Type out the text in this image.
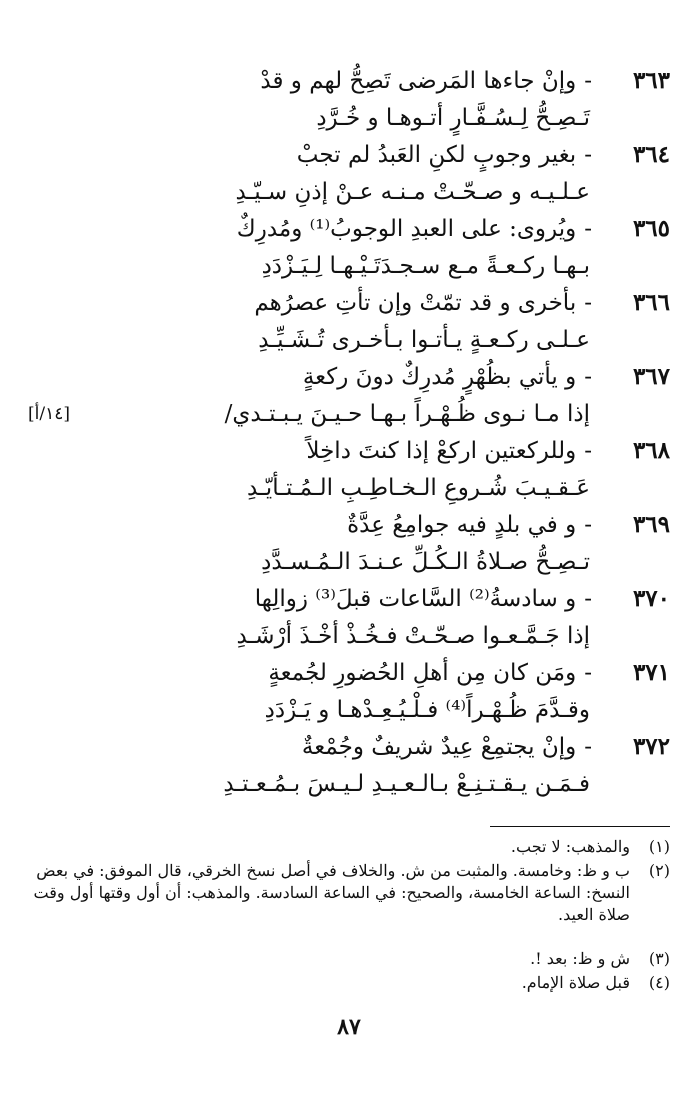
٣٦٣
-
وإنْ جاءها المَرضى تَصِحُّ لهم و قدْ
تَـصِـحُّ لِـسُـفَّـارٍ أتـوهـا و خُـرَّدِ
٣٦٤
-
بغير وجوبٍ لكنِ العَبدُ لم تجبْ
عـلـيـه و صـحّـتْ مـنـه عـنْ إذنِ سـيّـدِ
٣٦٥
-
ويُروى: على العبدِ الوجوبُ⁽¹⁾ ومُدرِكٌ
بـهـا ركـعـةً مـع سـجـدَتَـيْـهـا لِـيَـزْدَدِ
٣٦٦
-
بأخرى و قد تمّتْ وإن تأتِ عصرُهم
عـلـى ركـعـةٍ يـأتـوا بـأخـرى تُـشَـيِّـدِ
٣٦٧
-
و يأتي بظُهْرٍ مُدرِكٌ دونَ ركعةٍ
إذا مـا نـوى ظُـهْـراً بـهـا حـيـنَ يـبـتـدي/
[١٤/أ]
٣٦٨
-
وللركعتين اركعْ إذا كنتَ داخِلاً
عَـقـيـبَ شُـروعِ الـخـاطِـبِ الـمُـتـأيّـدِ
٣٦٩
-
و في بلدٍ فيه جوامِعُ عِدَّةٌ
تـصِـحُّ صـلاةُ الـكُـلِّ عـنـدَ الـمُـسـدَّدِ
٣٧٠
-
و سادسةُ⁽²⁾ السَّاعات قبلَ⁽³⁾ زوالِها
إذا جَـمَّـعـوا صـحّـتْ فـخُـذْ أخْـذَ أرْشَـدِ
٣٧١
-
ومَن كان مِن أهلِ الحُضورِ لجُمعةٍ
وقـدَّمَ ظُـهْـراً⁽⁴⁾ فـلْـيُـعِـدْهـا و يَـزْدَدِ
٣٧٢
-
وإنْ يجتمِعْ عِيدٌ شريفٌ وجُمْعةٌ
فـمَـن يـقـتـنِـعْ بـالـعـيـدِ لـيـسَ بـمُـعـتـدِ
(١)
والمذهب: لا تجب.
(٢)
ب و ظ: وخامسة. والمثبت من ش. والخلاف في أصل نسخ الخرقي، قال الموفق: في بعض النسخ: الساعة الخامسة، والصحيح: في الساعة السادسة. والمذهب: أن أول وقتها أول وقت صلاة العيد.
(٣)
ش و ظ: بعد !.
(٤)
قبل صلاة الإمام.
٨٧
